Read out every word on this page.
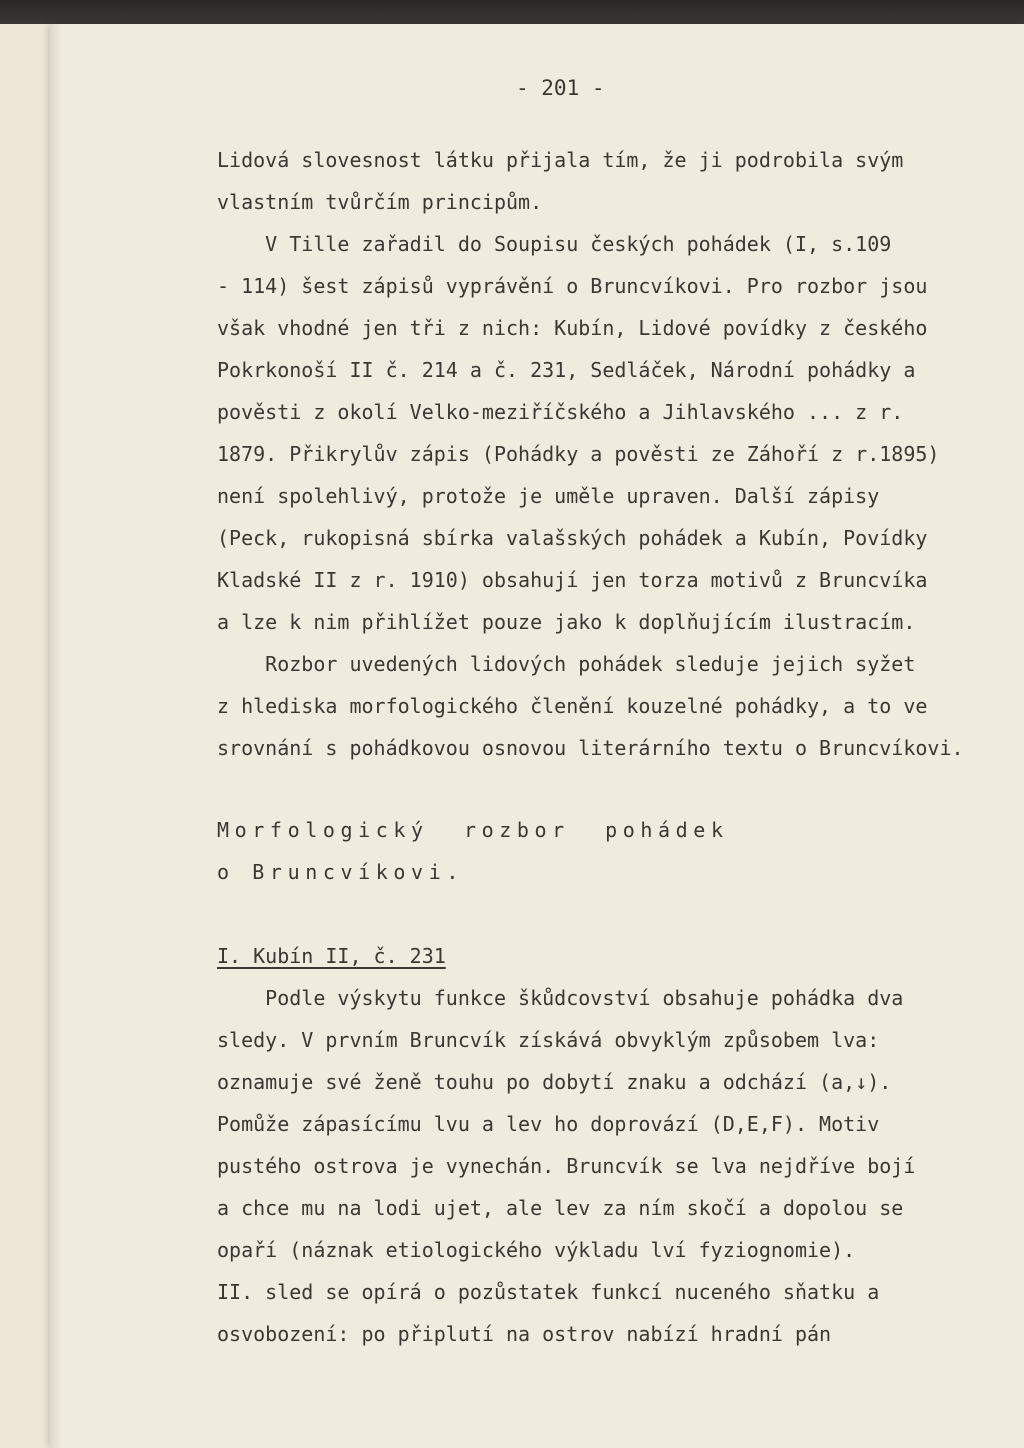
- 201 -

Lidová slovesnost látku přijala tím, že ji podrobila svým

vlastním tvůrčím principům.

V Tille zařadil do Soupisu českých pohádek (I, s.109

- 114) šest zápisů vyprávění o Bruncvíkovi. Pro rozbor jsou

však vhodné jen tři z nich: Kubín, Lidové povídky z českého

Pokrkonoší II č. 214 a č. 231, Sedláček, Národní pohádky a

pověsti z okolí Velko-meziříčského a Jihlavského ... z r.

1879. Přikrylův zápis (Pohádky a pověsti ze Záhoří z r.1895)

není spolehlivý, protože je uměle upraven. Další zápisy

(Peck, rukopisná sbírka valašských pohádek a Kubín, Povídky

Kladské II z r. 1910) obsahují jen torza motivů z Bruncvíka

a lze k nim přihlížet pouze jako k doplňujícím ilustracím.

Rozbor uvedených lidových pohádek sleduje jejich syžet

z hlediska morfologického členění kouzelné pohádky, a to ve

srovnání s pohádkovou osnovou literárního textu o Bruncvíkovi.

Morfologický  rozbor  pohádek

o Bruncvíkovi.

I. Kubín II, č. 231

Podle výskytu funkce škůdcovství obsahuje pohádka dva

sledy. V prvním Bruncvík získává obvyklým způsobem lva:

oznamuje své ženě touhu po dobytí znaku a odchází (a,↓).

Pomůže zápasícímu lvu a lev ho doprovází (D,E,F). Motiv

pustého ostrova je vynechán. Bruncvík se lva nejdříve bojí

a chce mu na lodi ujet, ale lev za ním skočí a dopolou se

opaří (náznak etiologického výkladu lví fyziognomie).

II. sled se opírá o pozůstatek funkcí nuceného sňatku a

osvobození: po připlutí na ostrov nabízí hradní pán
